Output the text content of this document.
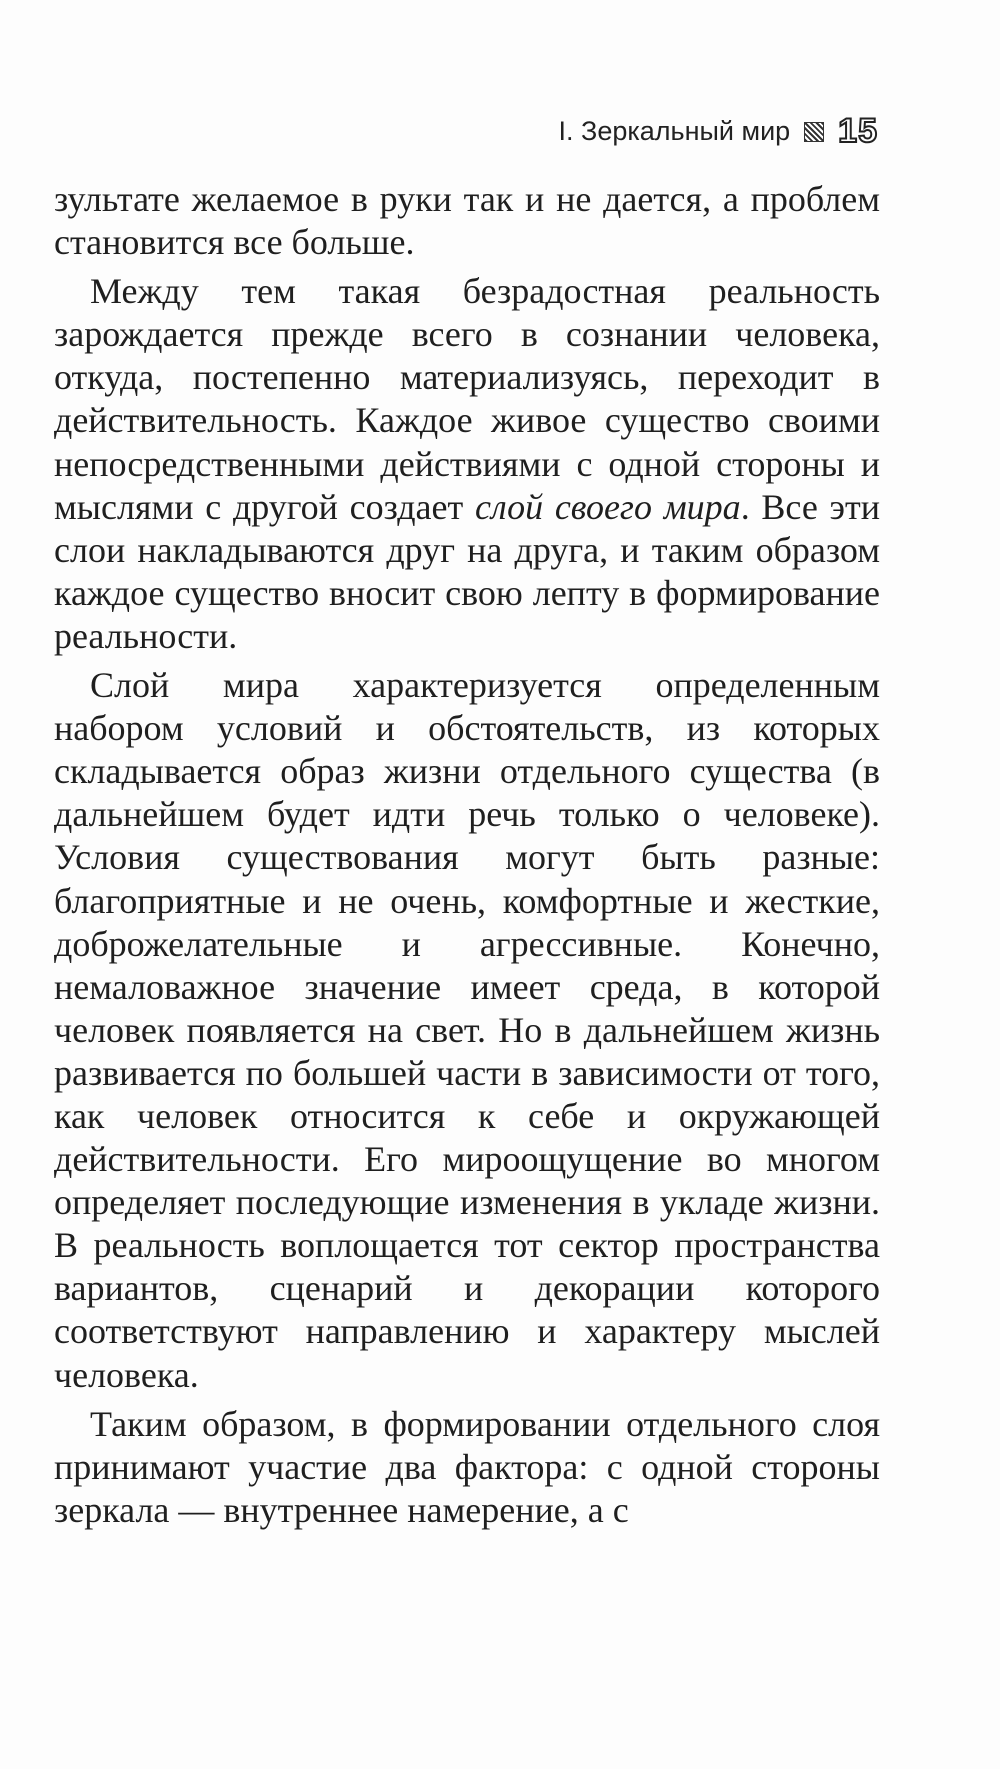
I. Зеркальный мир 15

зультате желаемое в руки так и не дается, а проблем становится все больше.

Между тем такая безрадостная реальность зарождается прежде всего в сознании человека, откуда, постепенно материализуясь, переходит в действительность. Каждое живое существо своими непосредственными действиями с одной стороны и мыслями с другой создает слой своего мира. Все эти слои накладываются друг на друга, и таким образом каждое существо вносит свою лепту в формирование реальности.

Слой мира характеризуется определенным набором условий и обстоятельств, из которых складывается образ жизни отдельного существа (в дальнейшем будет идти речь только о человеке). Условия существования могут быть разные: благоприятные и не очень, комфортные и жесткие, доброжелательные и агрессивные. Конечно, немаловажное значение имеет среда, в которой человек появляется на свет. Но в дальнейшем жизнь развивается по большей части в зависимости от того, как человек относится к себе и окружающей действительности. Его мироощущение во многом определяет последующие изменения в укладе жизни. В реальность воплощается тот сектор пространства вариантов, сценарий и декорации которого соответствуют направлению и характеру мыслей человека.

Таким образом, в формировании отдельного слоя принимают участие два фактора: с одной стороны зеркала — внутреннее намерение, а с
